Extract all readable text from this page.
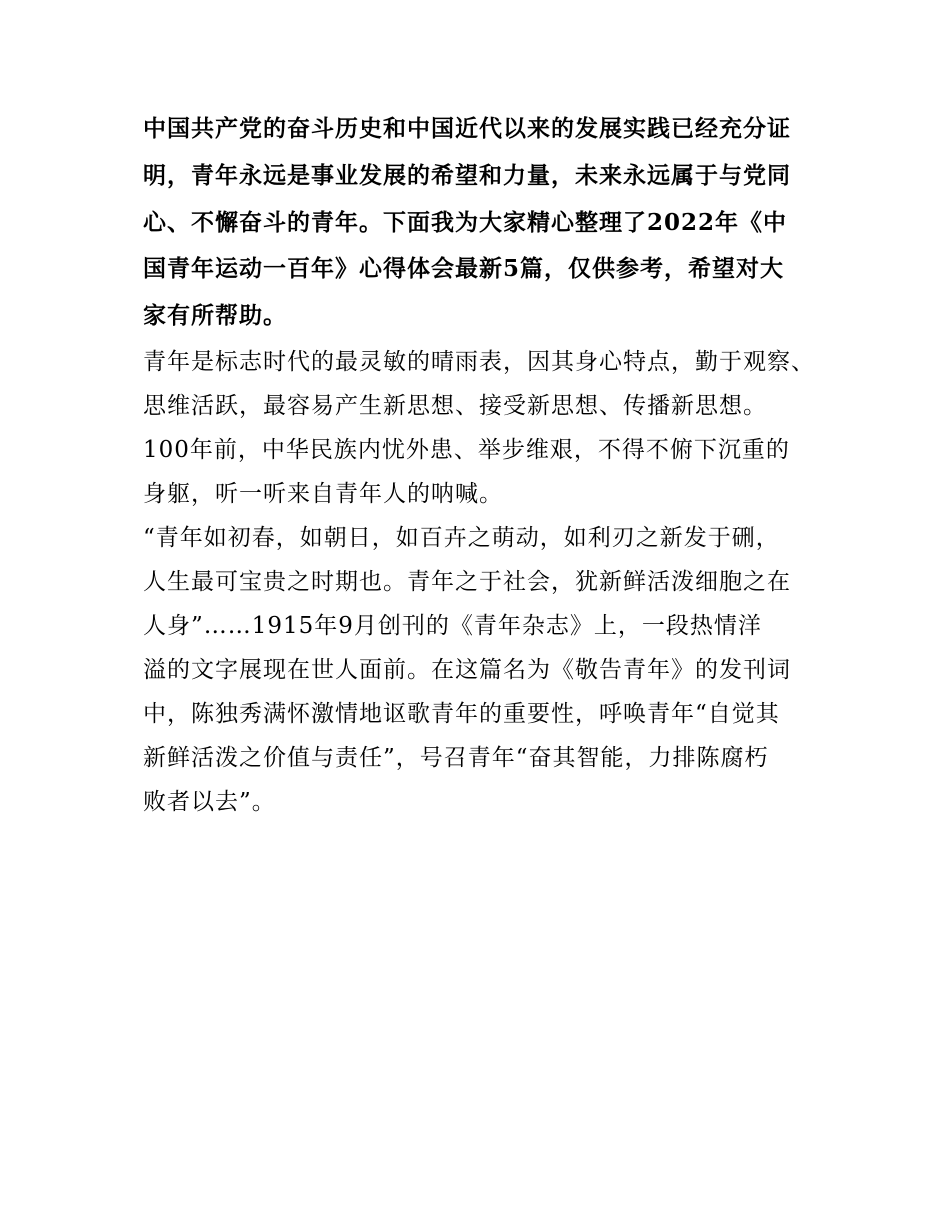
中国共产党的奋斗历史和中国近代以来的发展实践已经充分证
明，青年永远是事业发展的希望和力量，未来永远属于与党同
心、不懈奋斗的青年。下面我为大家精心整理了2022年《中
国青年运动一百年》心得体会最新5篇，仅供参考，希望对大
家有所帮助。

青年是标志时代的最灵敏的晴雨表，因其身心特点，勤于观察、
思维活跃，最容易产生新思想、接受新思想、传播新思想。

100年前，中华民族内忧外患、举步维艰，不得不俯下沉重的
身躯，听一听来自青年人的呐喊。

“青年如初春，如朝日，如百卉之萌动，如利刃之新发于硎，
人生最可宝贵之时期也。青年之于社会，犹新鲜活泼细胞之在
人身”……1915年9月创刊的《青年杂志》上，一段热情洋
溢的文字展现在世人面前。在这篇名为《敬告青年》的发刊词
中，陈独秀满怀激情地讴歌青年的重要性，呼唤青年“自觉其
新鲜活泼之价值与责任”，号召青年“奋其智能，力排陈腐朽
败者以去”。
